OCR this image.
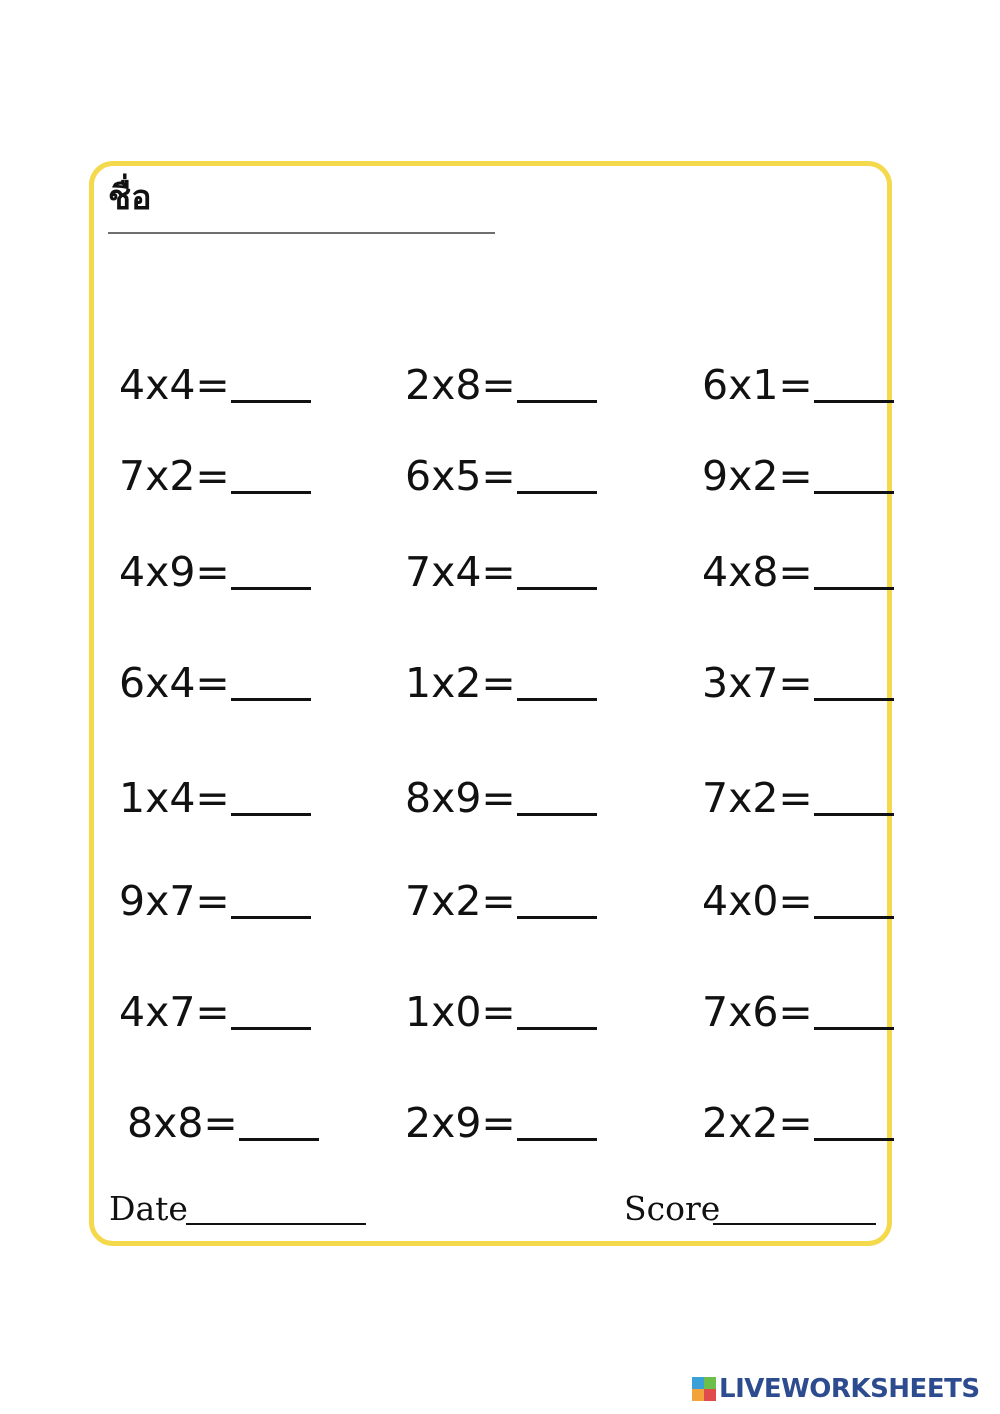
ชื่อ
4x4=	2x8=	6x1=
7x2=	6x5=	9x2=
4x9=	7x4=	4x8=
6x4=	1x2=	3x7=
1x4=	8x9=	7x2=
9x7=	7x2=	4x0=
4x7=	1x0=	7x6=
8x8=	2x9=	2x2=
Date	Score
LIVEWORKSHEETS
